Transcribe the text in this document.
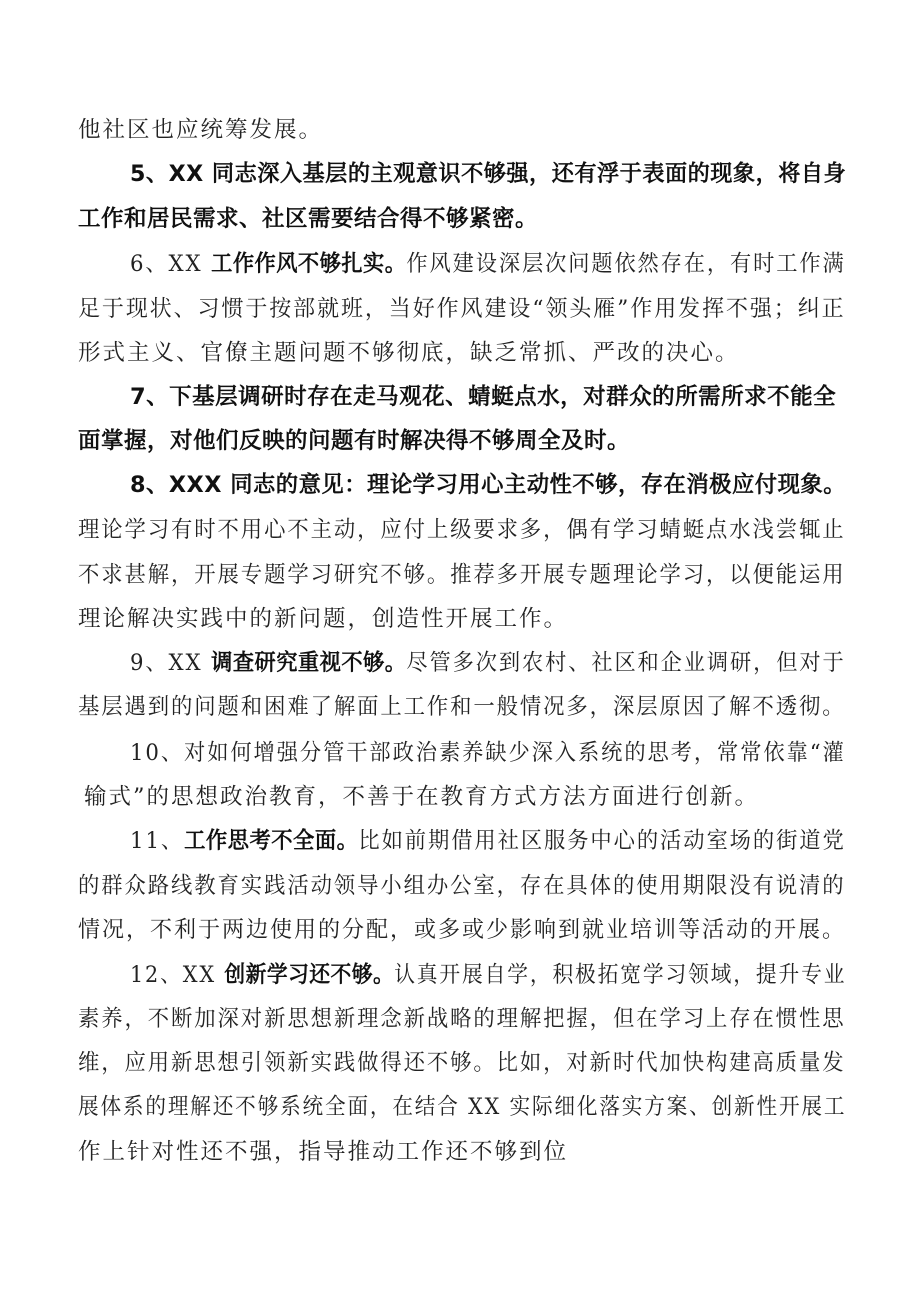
他社区也应统筹发展。
5、XX 同志深入基层的主观意识不够强，还有浮于表面的现象，将自身
工作和居民需求、社区需要结合得不够紧密。
6、XX 工作作风不够扎实。作风建设深层次问题依然存在，有时工作满
足于现状、习惯于按部就班，当好作风建设“领头雁”作用发挥不强；纠正
形式主义、官僚主题问题不够彻底，缺乏常抓、严改的决心。
7、下基层调研时存在走马观花、蜻蜓点水，对群众的所需所求不能全
面掌握，对他们反映的问题有时解决得不够周全及时。
8、XXX 同志的意见：理论学习用心主动性不够，存在消极应付现象。
理论学习有时不用心不主动，应付上级要求多，偶有学习蜻蜓点水浅尝辄止
不求甚解，开展专题学习研究不够。推荐多开展专题理论学习，以便能运用
理论解决实践中的新问题，创造性开展工作。
9、XX 调查研究重视不够。尽管多次到农村、社区和企业调研，但对于
基层遇到的问题和困难了解面上工作和一般情况多，深层原因了解不透彻。
10、对如何增强分管干部政治素养缺少深入系统的思考，常常依靠“灌
输式”的思想政治教育，不善于在教育方式方法方面进行创新。
11、工作思考不全面。比如前期借用社区服务中心的活动室场的街道党
的群众路线教育实践活动领导小组办公室，存在具体的使用期限没有说清的
情况，不利于两边使用的分配，或多或少影响到就业培训等活动的开展。
12、XX 创新学习还不够。认真开展自学，积极拓宽学习领域，提升专业
素养，不断加深对新思想新理念新战略的理解把握，但在学习上存在惯性思
维，应用新思想引领新实践做得还不够。比如，对新时代加快构建高质量发
展体系的理解还不够系统全面，在结合 XX 实际细化落实方案、创新性开展工
作上针对性还不强，指导推动工作还不够到位
